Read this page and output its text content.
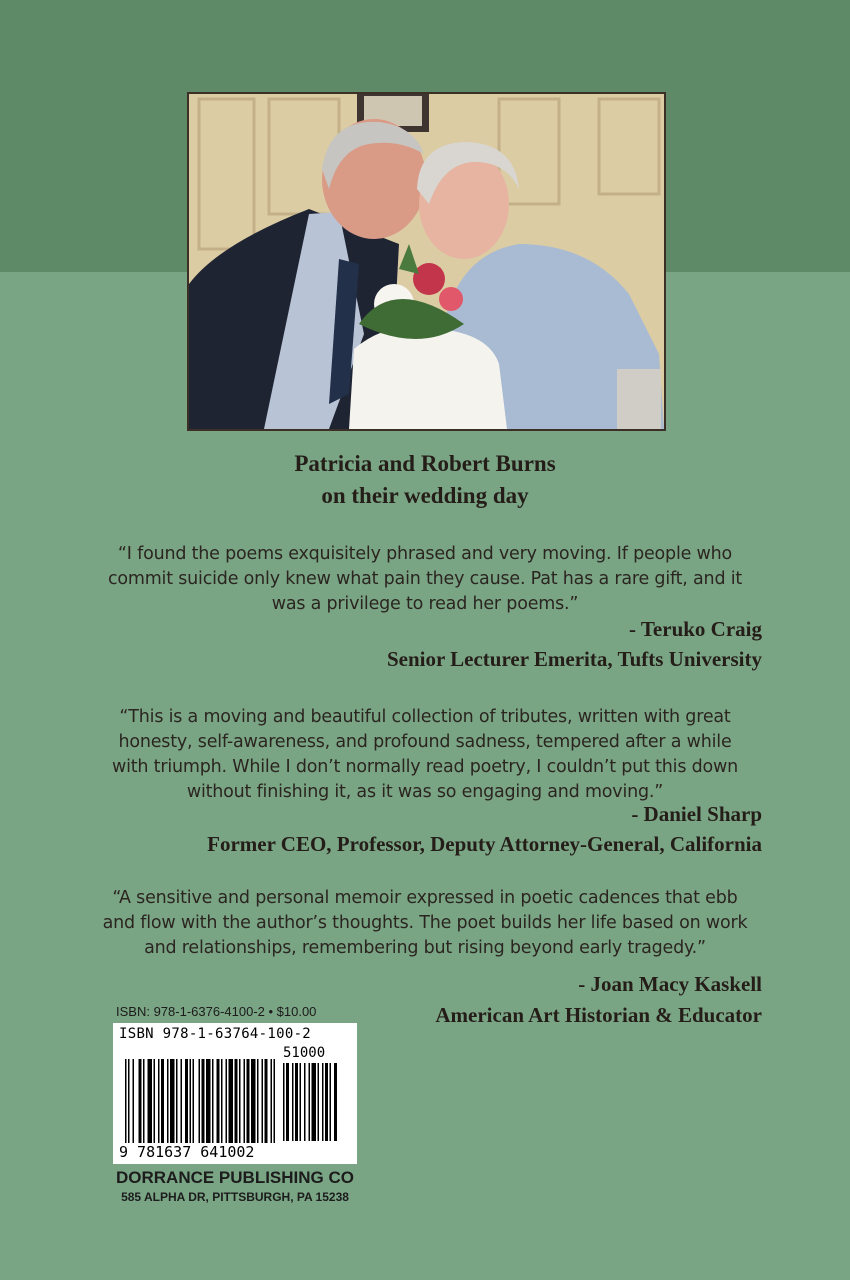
Patricia and Robert Burns
on their wedding day
“I found the poems exquisitely phrased and very moving. If people who
commit suicide only knew what pain they cause. Pat has a rare gift, and it
was a privilege to read her poems.”
- Teruko Craig
Senior Lecturer Emerita, Tufts University
“This is a moving and beautiful collection of tributes, written with great
honesty, self-awareness, and profound sadness, tempered after a while
with triumph. While I don’t normally read poetry, I couldn’t put this down
without finishing it, as it was so engaging and moving.”
- Daniel Sharp
Former CEO, Professor, Deputy Attorney-General, California
“A sensitive and personal memoir expressed in poetic cadences that ebb
and flow with the author’s thoughts. The poet builds her life based on work
and relationships, remembering but rising beyond early tragedy.”
- Joan Macy Kaskell
American Art Historian & Educator
ISBN: 978-1-6376-4100-2 • $10.00
ISBN 978-1-63764-100-2
51000
9 781637 641002
DORRANCE PUBLISHING CO
585 ALPHA DR, PITTSBURGH, PA 15238
